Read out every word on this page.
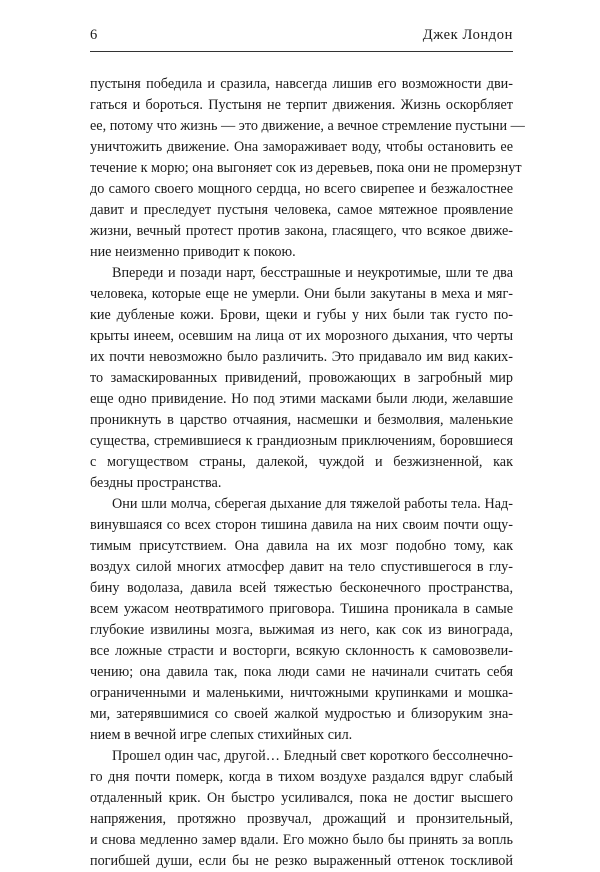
6	Джек Лондон
пустыня победила и сразила, навсегда лишив его возможности дви-
гаться и бороться. Пустыня не терпит движения. Жизнь оскорбляет
ее, потому что жизнь — это движение, а вечное стремление пустыни —
уничтожить движение. Она замораживает воду, чтобы остановить ее
течение к морю; она выгоняет сок из деревьев, пока они не промерзнут
до самого своего мощного сердца, но всего свирепее и безжалостнее
давит и преследует пустыня человека, самое мятежное проявление
жизни, вечный протест против закона, гласящего, что всякое движе-
ние неизменно приводит к покою.
Впереди и позади нарт, бесстрашные и неукротимые, шли те два
человека, которые еще не умерли. Они были закутаны в меха и мяг-
кие дубленые кожи. Брови, щеки и губы у них были так густо по-
крыты инеем, осевшим на лица от их морозного дыхания, что черты
их почти невозможно было различить. Это придавало им вид каких-
то замаскированных привидений, провожающих в загробный мир
еще одно привидение. Но под этими масками были люди, желавшие
проникнуть в царство отчаяния, насмешки и безмолвия, маленькие
существа, стремившиеся к грандиозным приключениям, боровшиеся
с могуществом страны, далекой, чуждой и безжизненной, как
бездны пространства.
Они шли молча, сберегая дыхание для тяжелой работы тела. Над-
винувшаяся со всех сторон тишина давила на них своим почти ощу-
тимым присутствием. Она давила на их мозг подобно тому, как
воздух силой многих атмосфер давит на тело спустившегося в глу-
бину водолаза, давила всей тяжестью бесконечного пространства,
всем ужасом неотвратимого приговора. Тишина проникала в самые
глубокие извилины мозга, выжимая из него, как сок из винограда,
все ложные страсти и восторги, всякую склонность к самовозвели-
чению; она давила так, пока люди сами не начинали считать себя
ограниченными и маленькими, ничтожными крупинками и мошка-
ми, затерявшимися со своей жалкой мудростью и близоруким зна-
нием в вечной игре слепых стихийных сил.
Прошел один час, другой… Бледный свет короткого бессолнечно-
го дня почти померк, когда в тихом воздухе раздался вдруг слабый
отдаленный крик. Он быстро усиливался, пока не достиг высшего
напряжения, протяжно прозвучал, дрожащий и пронзительный,
и снова медленно замер вдали. Его можно было бы принять за вопль
погибшей души, если бы не резко выраженный оттенок тоскливой
